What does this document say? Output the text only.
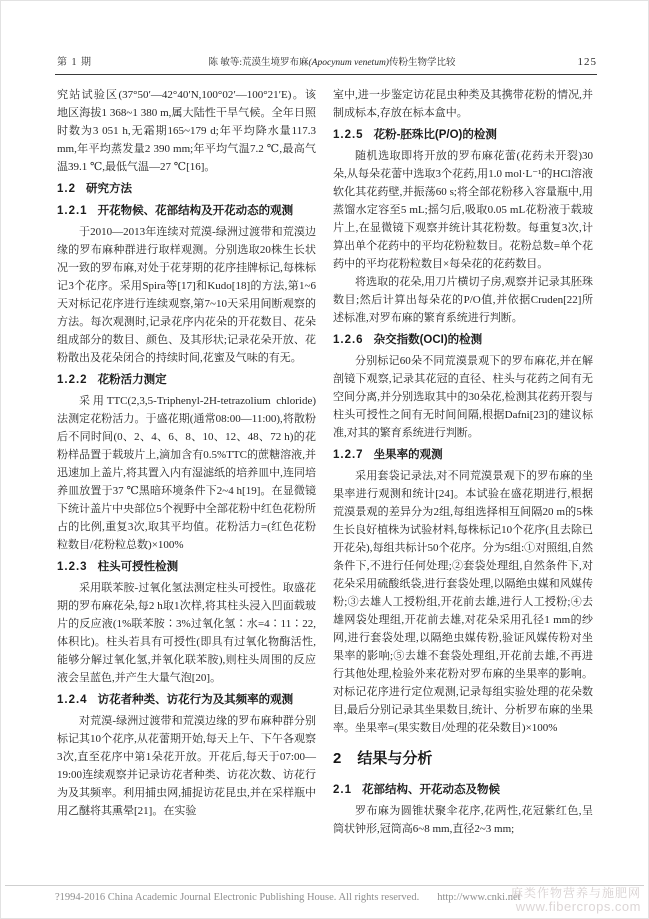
第 1 期	陈 敏等:荒漠生境罗布麻(Apocynum venetum)传粉生物学比较	125

究站试验区(37°50′—42°40′N,100°02′—100°21′E)。该地区海拔1 368~1 380 m,属大陆性干旱气候。全年日照时数为3 051 h,无霜期165~179 d;年平均降水量117.3 mm,年平均蒸发量2 390 mm;年平均气温7.2 ℃,最高气温39.1 ℃,最低气温—27 ℃[16]。

1.2 研究方法

1.2.1 开花物候、花部结构及开花动态的观测

于2010—2013年连续对荒漠-绿洲过渡带和荒漠边缘的罗布麻种群进行取样观测。分别选取20株生长状况一致的罗布麻,对处于花芽期的花序挂牌标记,每株标记3个花序。采用Spira等[17]和Kudo[18]的方法,第1~6天对标记花序进行连续观察,第7~10天采用间断观察的方法。每次观测时,记录花序内花朵的开花数目、花朵组成部分的数目、颜色、及其形状;记录花朵开放、花粉散出及花朵闭合的持续时间,花蜜及气味的有无。

1.2.2 花粉活力测定

采用TTC(2,3,5-Triphenyl-2H-tetrazolium chloride)法测定花粉活力。于盛花期(通常08:00—11:00),将散粉后不同时间(0、2、4、6、8、10、12、48、72 h)的花粉样品置于载玻片上,滴加含有0.5%TTC的蔗糖溶液,并迅速加上盖片,将其置入内有湿滤纸的培养皿中,连同培养皿放置于37 ℃黑暗环境条件下2~4 h[19]。在显微镜下统计盖片中央部位5个视野中全部花粉中红色花粉所占的比例,重复3次,取其平均值。花粉活力=(红色花粉粒数目/花粉粒总数)×100%

1.2.3 柱头可授性检测

采用联苯胺-过氧化氢法测定柱头可授性。取盛花期的罗布麻花朵,每2 h取1次样,将其柱头浸入凹面载玻片的反应液(1%联苯胺∶3%过氧化氢∶水=4∶11∶22,体积比)。柱头若具有可授性(即具有过氧化物酶活性,能够分解过氧化氢,并氧化联苯胺),则柱头周围的反应液会呈蓝色,并产生大量气泡[20]。

1.2.4 访花者种类、访花行为及其频率的观测

对荒漠-绿洲过渡带和荒漠边缘的罗布麻种群分别标记其10个花序,从花蕾期开始,每天上午、下午各观察3次,直至花序中第1朵花开放。开花后,每天于07:00—19:00连续观察并记录访花者种类、访花次数、访花行为及其频率。利用捕虫网,捕捉访花昆虫,并在采样瓶中用乙醚将其熏晕[21]。在实验

室中,进一步鉴定访花昆虫种类及其携带花粉的情况,并制成标本,存放在标本盒中。

1.2.5 花粉-胚珠比(P/O)的检测

随机选取即将开放的罗布麻花蕾(花药未开裂)30朵,从每朵花蕾中选取3个花药,用1.0 mol·L⁻¹的HCl溶液软化其花药壁,并振荡60 s;将全部花粉移入容量瓶中,用蒸馏水定容至5 mL;摇匀后,吸取0.05 mL花粉液于载玻片上,在显微镜下观察并统计其花粉数。每重复3次,计算出单个花药中的平均花粉粒数目。花粉总数=单个花药中的平均花粉粒数目×每朵花的花药数目。

将选取的花朵,用刀片横切子房,观察并记录其胚珠数目;然后计算出每朵花的P/O值,并依据Cruden[22]所述标准,对罗布麻的繁育系统进行判断。

1.2.6 杂交指数(OCI)的检测

分别标记60朵不同荒漠景观下的罗布麻花,并在解剖镜下观察,记录其花冠的直径、柱头与花药之间有无空间分离,并分别选取其中的30朵花,检测其花药开裂与柱头可授性之间有无时间间隔,根据Dafni[23]的建议标准,对其的繁育系统进行判断。

1.2.7 坐果率的观测

采用套袋记录法,对不同荒漠景观下的罗布麻的坐果率进行观测和统计[24]。本试验在盛花期进行,根据荒漠景观的差异分为2组,每组选择相互间隔20 m的5株生长良好植株为试验材料,每株标记10个花序(且去除已开花朵),每组共标计50个花序。分为5组:①对照组,自然条件下,不进行任何处理;②套袋处理组,自然条件下,对花朵采用硫酸纸袋,进行套袋处理,以隔绝虫媒和风媒传粉;③去雄人工授粉组,开花前去雄,进行人工授粉;④去雄网袋处理组,开花前去雄,对花朵采用孔径1 mm的纱网,进行套袋处理,以隔绝虫媒传粉,验证风媒传粉对坐果率的影响;⑤去雄不套袋处理组,开花前去雄,不再进行其他处理,检验外来花粉对罗布麻的坐果率的影响。对标记花序进行定位观测,记录每组实验处理的花朵数目,最后分别记录其坐果数目,统计、分析罗布麻的坐果率。坐果率=(果实数目/处理的花朵数目)×100%

2 结果与分析

2.1 花部结构、开花动态及物候

罗布麻为圆锥状聚伞花序,花两性,花冠紫红色,呈筒状钟形,冠筒高6~8 mm,直径2~3 mm;

?1994-2016 China Academic Journal Electronic Publishing House. All rights reserved. http://www.cnki.net
麻类作物营养与施肥网
www.fibercrops.com
